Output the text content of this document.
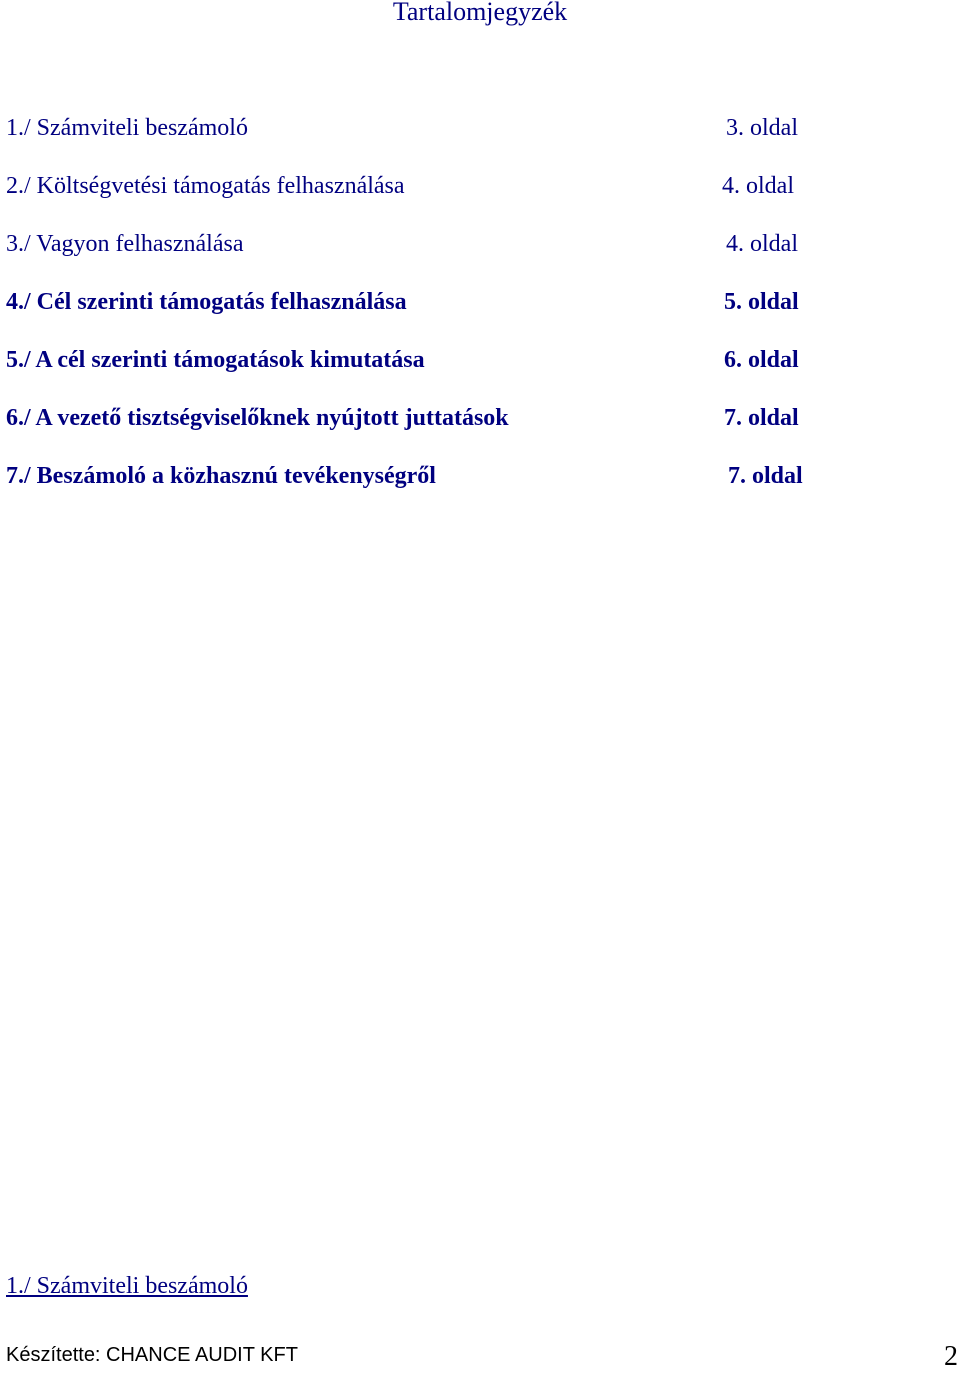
Tartalomjegyzék
1./ Számviteli beszámoló	3. oldal
2./ Költségvetési támogatás felhasználása	4. oldal
3./ Vagyon felhasználása	4. oldal
4./ Cél szerinti támogatás felhasználása	5. oldal
5./ A cél szerinti támogatások kimutatása	6. oldal
6./ A vezető tisztségviselőknek nyújtott juttatások	7. oldal
7./ Beszámoló a közhasznú tevékenységről	7. oldal
1./ Számviteli beszámoló
Készítette: CHANCE AUDIT KFT	2
